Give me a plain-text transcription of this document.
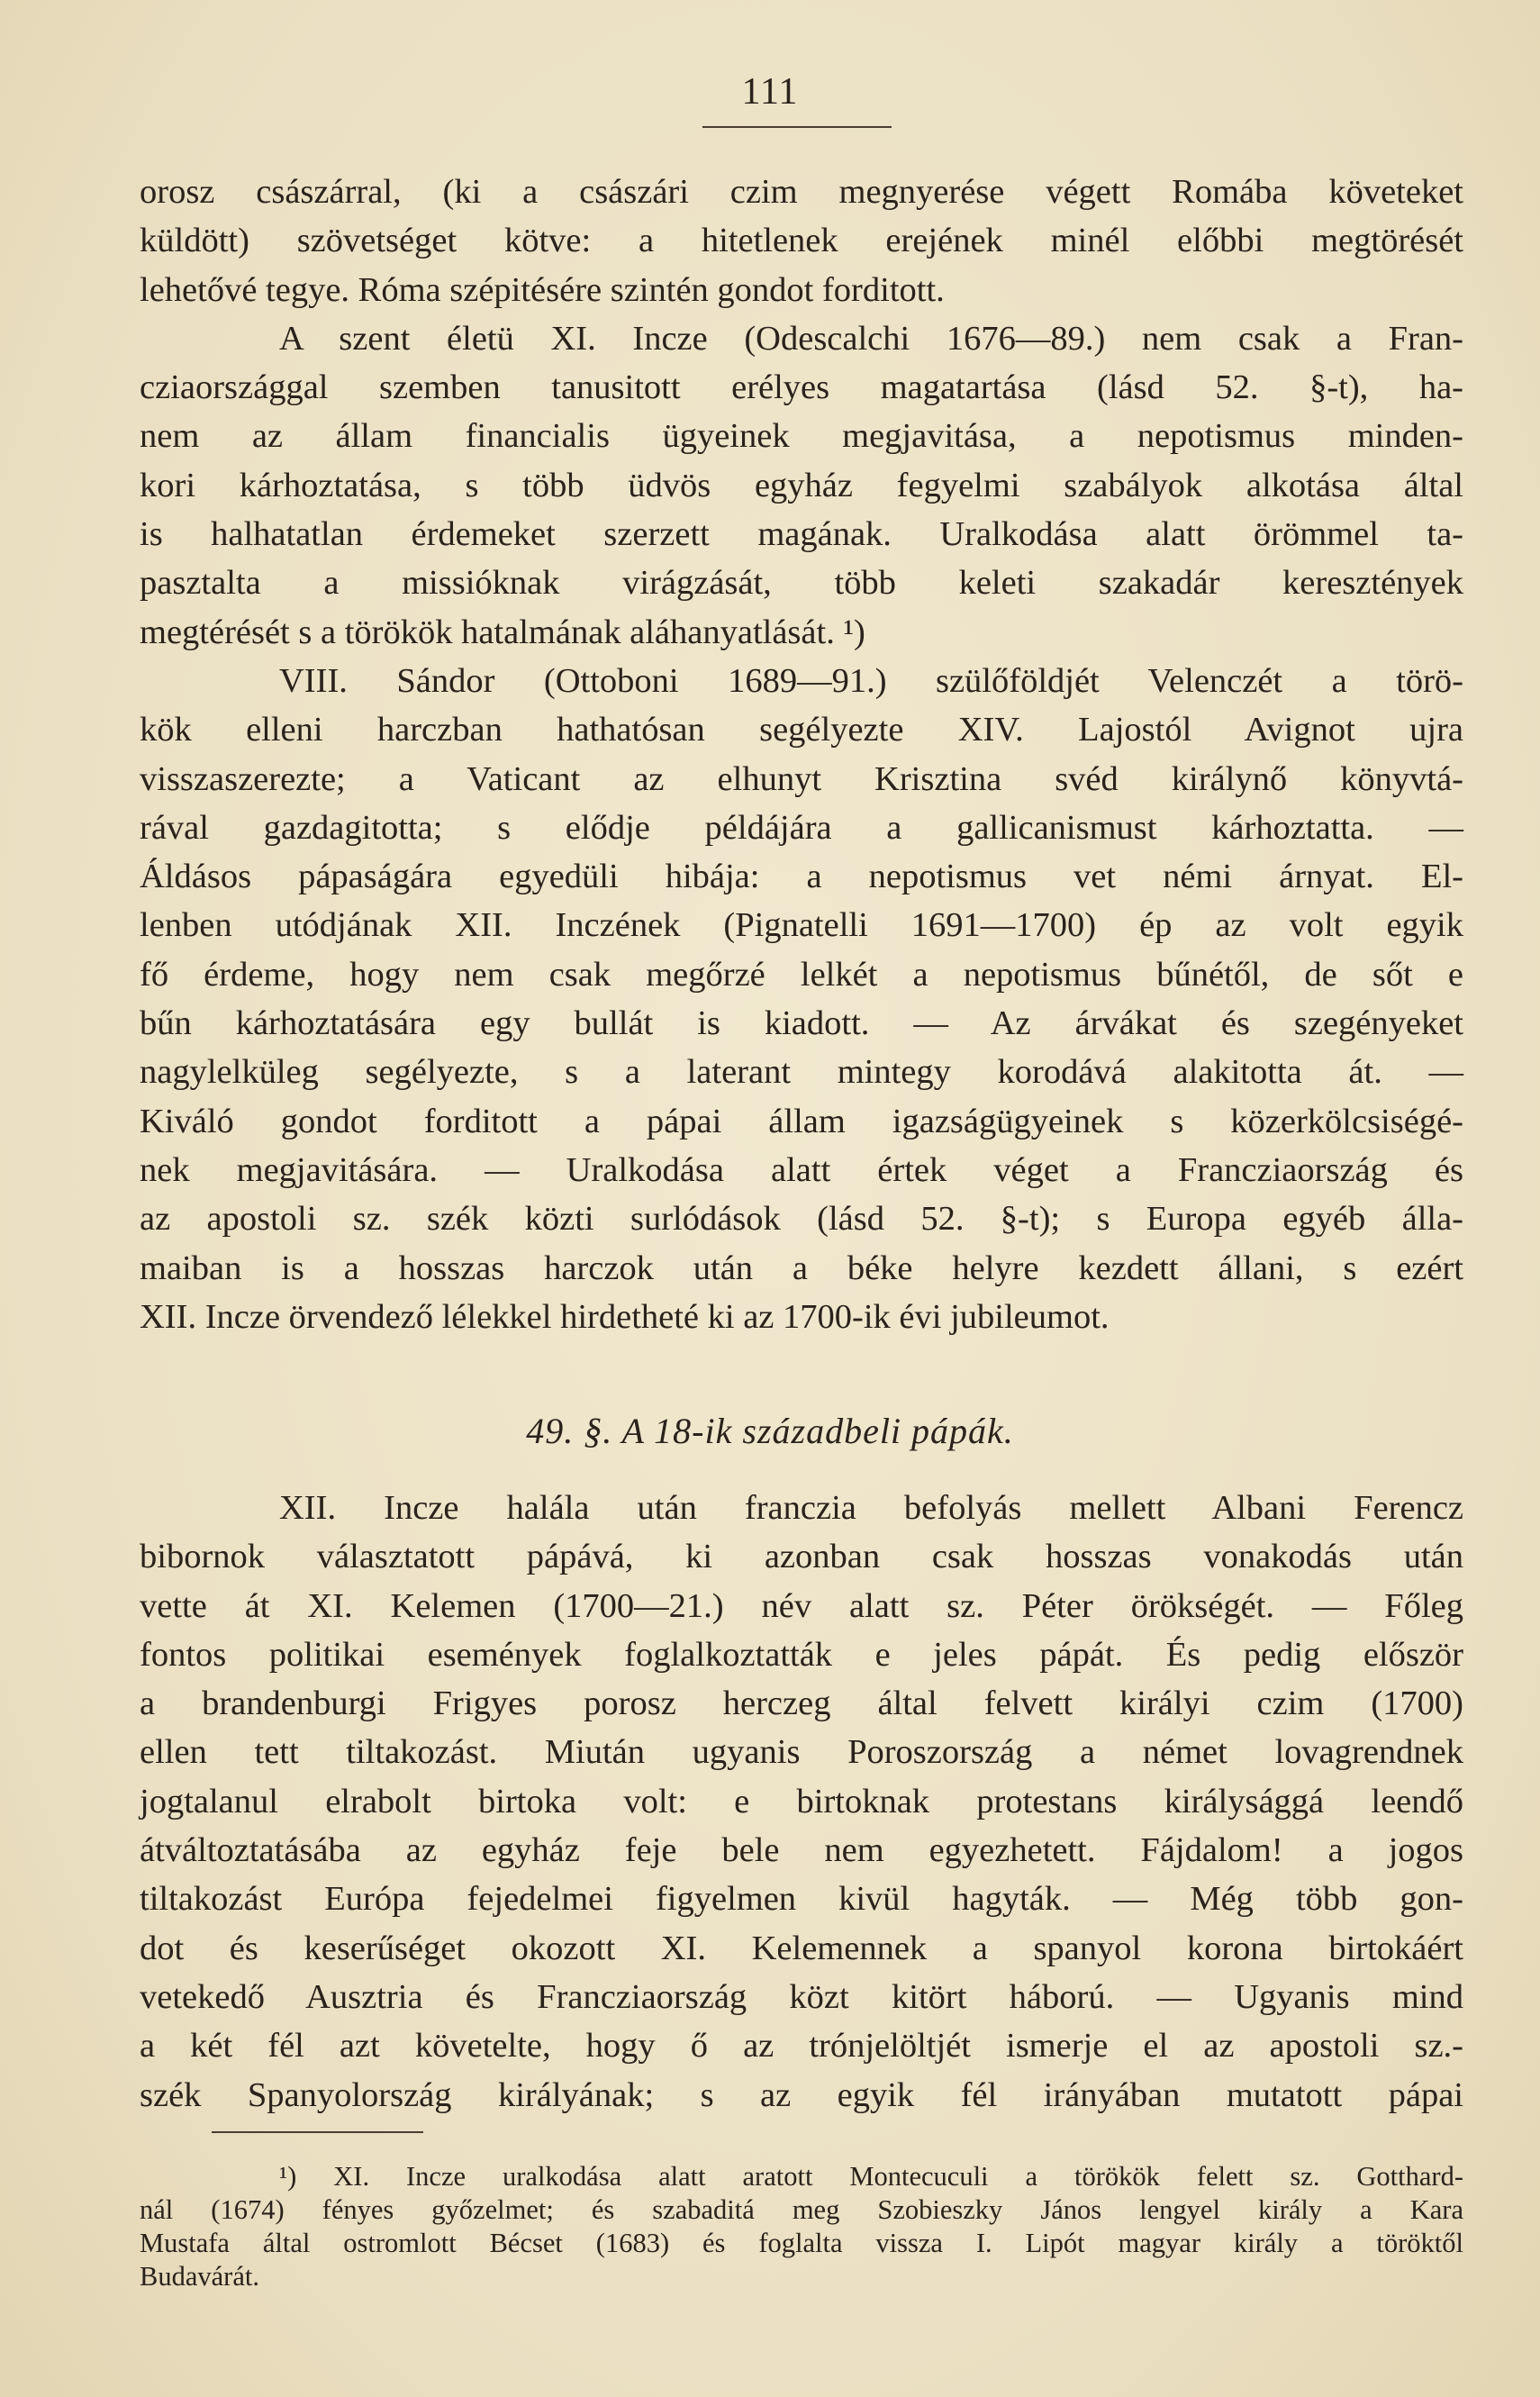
111
orosz császárral, (ki a császári czim megnyerése végett Romába követeket
küldött) szövetséget kötve: a hitetlenek erejének minél előbbi megtörését
lehetővé tegye. Róma szépitésére szintén gondot forditott.
A szent életü XI. Incze (Odescalchi 1676—89.) nem csak a Fran-
cziaországgal szemben tanusitott erélyes magatartása (lásd 52. §-t), ha-
nem az állam financialis ügyeinek megjavitása, a nepotismus minden-
kori kárhoztatása, s több üdvös egyház fegyelmi szabályok alkotása által
is halhatatlan érdemeket szerzett magának. Uralkodása alatt örömmel ta-
pasztalta a missióknak virágzását, több keleti szakadár keresztények
megtérését s a törökök hatalmának aláhanyatlását. ¹)
VIII. Sándor (Ottoboni 1689—91.) szülőföldjét Velenczét a törö-
kök elleni harczban hathatósan segélyezte XIV. Lajostól Avignot ujra
visszaszerezte; a Vaticant az elhunyt Krisztina svéd királynő könyvtá-
rával gazdagitotta; s elődje példájára a gallicanismust kárhoztatta. —
Áldásos pápaságára egyedüli hibája: a nepotismus vet némi árnyat. El-
lenben utódjának XII. Inczének (Pignatelli 1691—1700) ép az volt egyik
fő érdeme, hogy nem csak megőrzé lelkét a nepotismus bűnétől, de sőt e
bűn kárhoztatására egy bullát is kiadott. — Az árvákat és szegényeket
nagylelküleg segélyezte, s a laterant mintegy korodává alakitotta át. —
Kiváló gondot forditott a pápai állam igazságügyeinek s közerkölcsiségé-
nek megjavitására. — Uralkodása alatt értek véget a Francziaország és
az apostoli sz. szék közti surlódások (lásd 52. §-t); s Europa egyéb álla-
maiban is a hosszas harczok után a béke helyre kezdett állani, s ezért
XII. Incze örvendező lélekkel hirdetheté ki az 1700-ik évi jubileumot.
49. §. A 18-ik századbeli pápák.
XII. Incze halála után franczia befolyás mellett Albani Ferencz
bibornok választatott pápává, ki azonban csak hosszas vonakodás után
vette át XI. Kelemen (1700—21.) név alatt sz. Péter örökségét. — Főleg
fontos politikai események foglalkoztatták e jeles pápát. És pedig először
a brandenburgi Frigyes porosz herczeg által felvett királyi czim (1700)
ellen tett tiltakozást. Miután ugyanis Poroszország a német lovagrendnek
jogtalanul elrabolt birtoka volt: e birtoknak protestans királysággá leendő
átváltoztatásába az egyház feje bele nem egyezhetett. Fájdalom! a jogos
tiltakozást Európa fejedelmei figyelmen kivül hagyták. — Még több gon-
dot és keserűséget okozott XI. Kelemennek a spanyol korona birtokáért
vetekedő Ausztria és Francziaország közt kitört háború. — Ugyanis mind
a két fél azt követelte, hogy ő az trónjelöltjét ismerje el az apostoli sz.-
szék Spanyolország királyának; s az egyik fél irányában mutatott pápai
¹) XI. Incze uralkodása alatt aratott Montecuculi a törökök felett sz. Gotthard-
nál (1674) fényes győzelmet; és szabaditá meg Szobieszky János lengyel király a Kara
Mustafa által ostromlott Bécset (1683) és foglalta vissza I. Lipót magyar király a töröktől
Budavárát.
